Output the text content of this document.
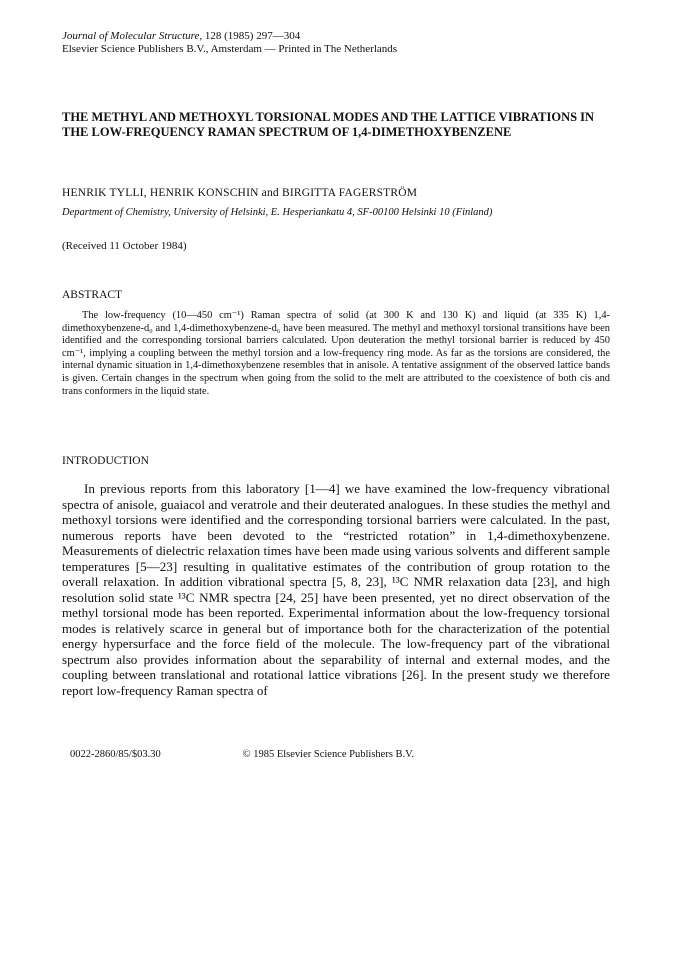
Journal of Molecular Structure, 128 (1985) 297—304
Elsevier Science Publishers B.V., Amsterdam — Printed in The Netherlands
THE METHYL AND METHOXYL TORSIONAL MODES AND THE LATTICE VIBRATIONS IN THE LOW-FREQUENCY RAMAN SPECTRUM OF 1,4-DIMETHOXYBENZENE
HENRIK TYLLI, HENRIK KONSCHIN and BIRGITTA FAGERSTRÖM
Department of Chemistry, University of Helsinki, E. Hesperiankatu 4, SF-00100 Helsinki 10 (Finland)
(Received 11 October 1984)
ABSTRACT

The low-frequency (10—450 cm⁻¹) Raman spectra of solid (at 300 K and 130 K) and liquid (at 335 K) 1,4-dimethoxybenzene-d₀ and 1,4-dimethoxybenzene-d₆ have been measured. The methyl and methoxyl torsional transitions have been identified and the corresponding torsional barriers calculated. Upon deuteration the methyl torsional barrier is reduced by 450 cm⁻¹, implying a coupling between the methyl torsion and a low-frequency ring mode. As far as the torsions are considered, the internal dynamic situation in 1,4-dimethoxybenzene resembles that in anisole. A tentative assignment of the observed lattice bands is given. Certain changes in the spectrum when going from the solid to the melt are attributed to the coexistence of both cis and trans conformers in the liquid state.

INTRODUCTION

In previous reports from this laboratory [1—4] we have examined the low-frequency vibrational spectra of anisole, guaiacol and veratrole and their deuterated analogues. In these studies the methyl and methoxyl torsions were identified and the corresponding torsional barriers were calculated. In the past, numerous reports have been devoted to the “restricted rotation” in 1,4-dimethoxybenzene. Measurements of dielectric relaxation times have been made using various solvents and different sample temperatures [5—23] resulting in qualitative estimates of the contribution of group rotation to the overall relaxation. In addition vibrational spectra [5, 8, 23], ¹³C NMR relaxation data [23], and high resolution solid state ¹³C NMR spectra [24, 25] have been presented, yet no direct observation of the methyl torsional mode has been reported. Experimental information about the low-frequency torsional modes is relatively scarce in general but of importance both for the characterization of the potential energy hypersurface and the force field of the molecule. The low-frequency part of the vibrational spectrum also provides information about the separability of internal and external modes, and the coupling between translational and rotational lattice vibrations [26]. In the present study we therefore report low-frequency Raman spectra of

0022-2860/85/$03.30	© 1985 Elsevier Science Publishers B.V.
